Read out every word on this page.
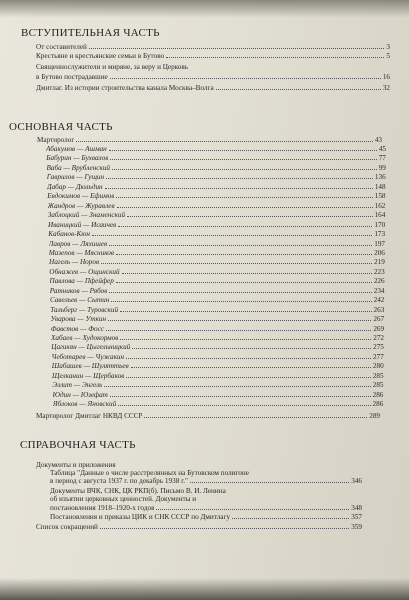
ВСТУПИТЕЛЬНАЯ ЧАСТЬ
От составителей	3
Крестьяне и крестьянские семьи в Бутово	5
Священнослужители и миряне, за веру и Церковь
в Бутово пострадавшие	16
Дмитлаг. Из истории строительства канала Москва–Волга	32
ОСНОВНАЯ ЧАСТЬ
Мартиролог	43
Абакумов — Ашман	45
Бабурин — Бухвалов	77
Ваба — Врубленский	99
Гаврилов — Гущин	136
Дабар — Дюльдин	148
Евдокимов — Ефимов	158
Жандров — Журавлев	162
Заблоцкий — Знаменский	164
Иваницкий — Исаичев	170
Кабанов-Кюн	173
Лавров — Ляхишев	197
Мазепов — Мясников	206
Нагель — Норов	219
Обнажев — Ощинский	223
Павлова — Пфейфер	226
Ратников — Рябов	234
Савельев — Сытин	242
Тальберг — Туровский	263
Уварова — Уткин	267
Фавстов — Фосс	269
Хабаев — Худокормов	272
Цагикян — Цыгельницкий	275
Чеботарев — Чужакин	277
Шабашев — Шуляттьев	280
Щелканин — Щербаков	285
Эллит — Энгель	285
Юдин — Юзефат	286
Яблоков — Яновский	286
Мартиролог Дмитлаг НКВД СССР	289
СПРАВОЧНАЯ ЧАСТЬ
Документы и приложения
Таблица "Данные о числе расстрелянных на Бутовском полигоне
в период с августа 1937 г. по декабрь 1938 г."	346
Документы ВЧК, СНК, ЦК РКП(б). Письмо В. И. Ленина
об изъятии церковных ценностей. Документы и
постановления 1918–1920-х годов	348
Постановления и приказы ЦИК и СНК СССР по Дмитлагу	357
Список сокращений	359
